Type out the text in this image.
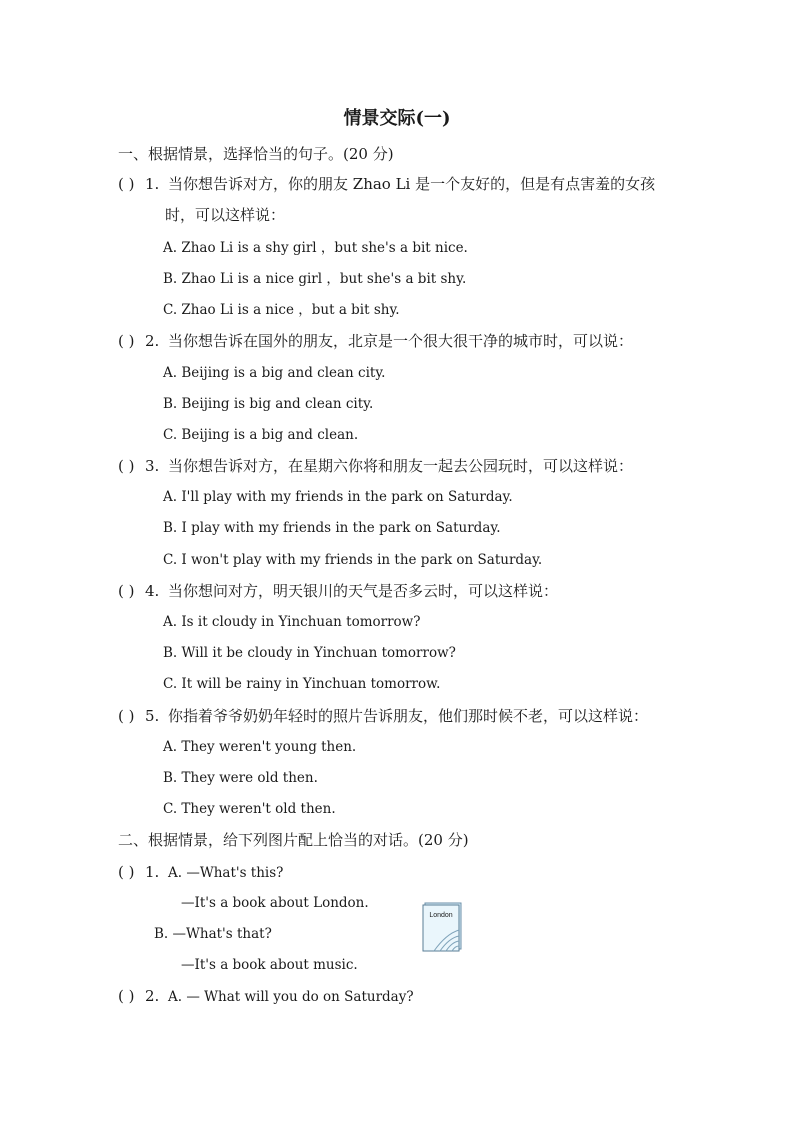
情景交际(一)
一、根据情景，选择恰当的句子。(20 分)
( ) 1. 当你想告诉对方，你的朋友 Zhao Li 是一个友好的，但是有点害羞的女孩
时，可以这样说：
A. Zhao Li is a shy girl ，but she's a bit nice.
B. Zhao Li is a nice girl ，but she's a bit shy.
C. Zhao Li is a nice ，but a bit shy.
( ) 2. 当你想告诉在国外的朋友，北京是一个很大很干净的城市时，可以说：
A. Beijing is a big and clean city.
B. Beijing is big and clean city.
C. Beijing is a big and clean.
( ) 3. 当你想告诉对方，在星期六你将和朋友一起去公园玩时，可以这样说：
A. I'll play with my friends in the park on Saturday.
B. I play with my friends in the park on Saturday.
C. I won't play with my friends in the park on Saturday.
( ) 4. 当你想问对方，明天银川的天气是否多云时，可以这样说：
A. Is it cloudy in Yinchuan tomorrow?
B. Will it be cloudy in Yinchuan tomorrow?
C. It will be rainy in Yinchuan tomorrow.
( ) 5. 你指着爷爷奶奶年轻时的照片告诉朋友，他们那时候不老，可以这样说：
A. They weren't young then.
B. They were old then.
C. They weren't old then.
二、根据情景，给下列图片配上恰当的对话。(20 分)
( ) 1. A. —What's this?
—It's a book about London.
B. —What's that?
—It's a book about music.
London
( ) 2. A. — What will you do on Saturday?
